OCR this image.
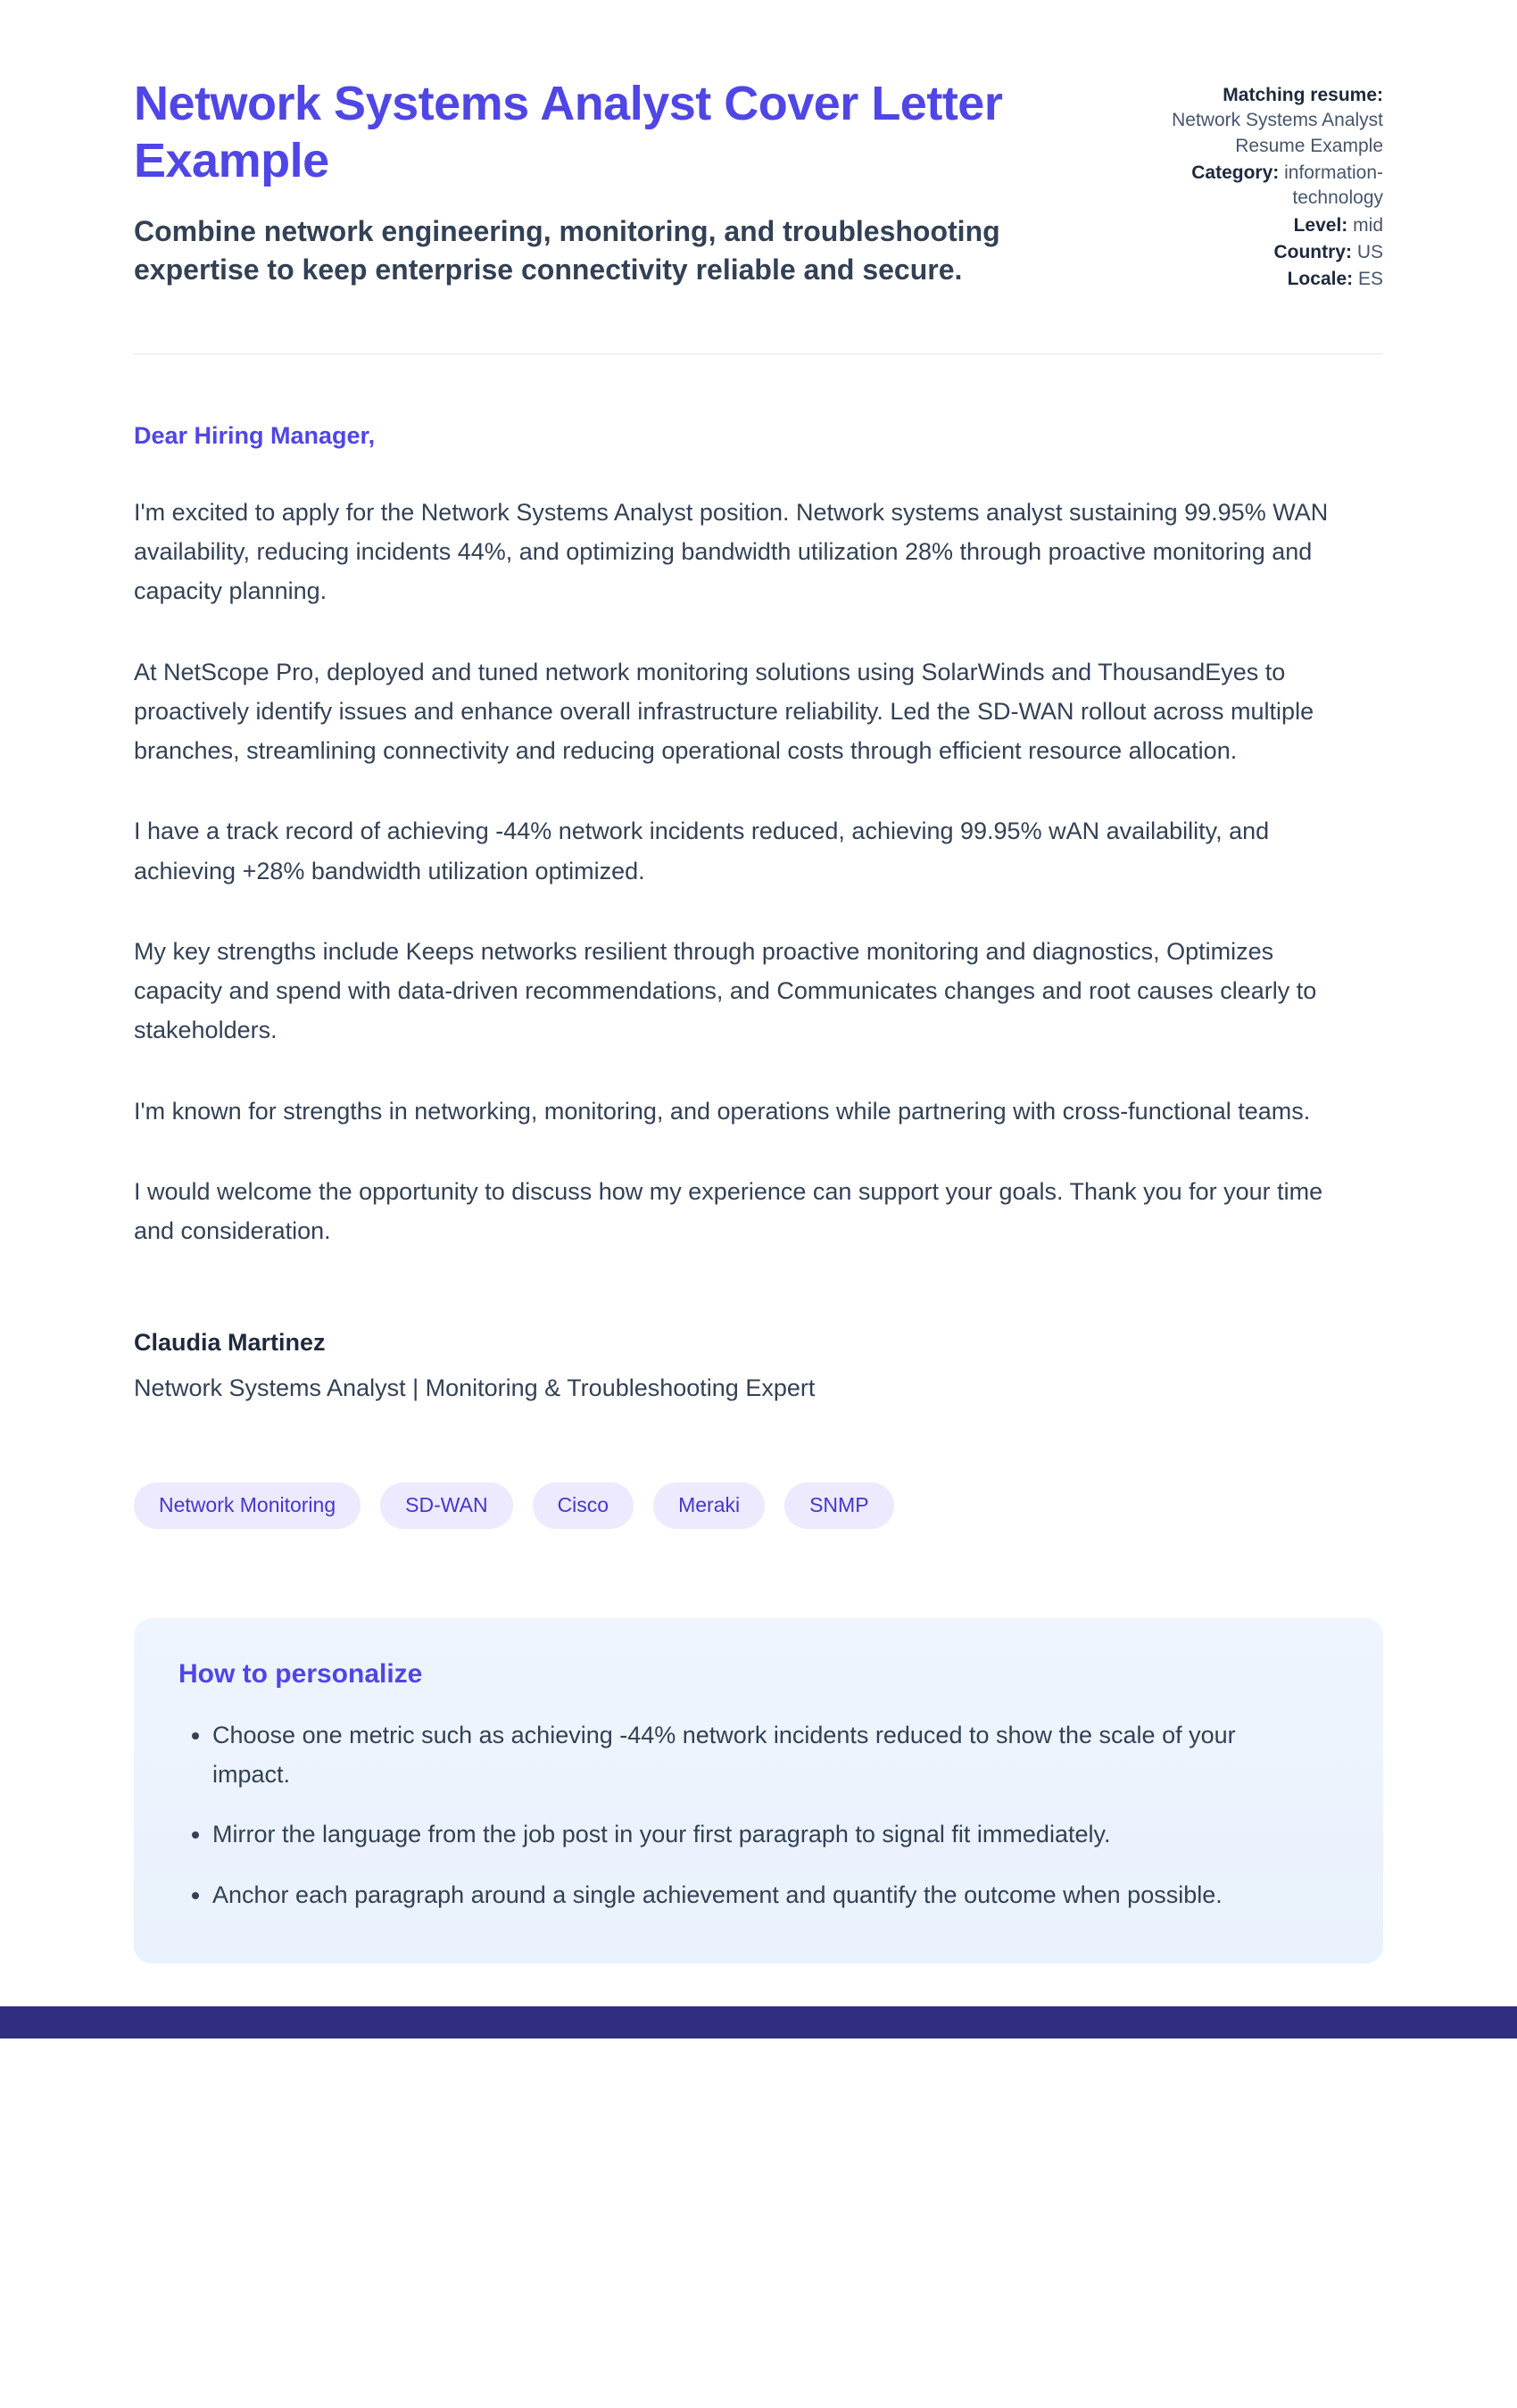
Network Systems Analyst Cover Letter Example

Combine network engineering, monitoring, and troubleshooting expertise to keep enterprise connectivity reliable and secure.

Matching resume:
Network Systems Analyst Resume Example
Category: information-technology
Level: mid
Country: US
Locale: ES
Dear Hiring Manager,

I'm excited to apply for the Network Systems Analyst position. Network systems analyst sustaining 99.95% WAN availability, reducing incidents 44%, and optimizing bandwidth utilization 28% through proactive monitoring and capacity planning.

At NetScope Pro, deployed and tuned network monitoring solutions using SolarWinds and ThousandEyes to proactively identify issues and enhance overall infrastructure reliability. Led the SD-WAN rollout across multiple branches, streamlining connectivity and reducing operational costs through efficient resource allocation.

I have a track record of achieving -44% network incidents reduced, achieving 99.95% wAN availability, and achieving +28% bandwidth utilization optimized.

My key strengths include Keeps networks resilient through proactive monitoring and diagnostics, Optimizes capacity and spend with data-driven recommendations, and Communicates changes and root causes clearly to stakeholders.

I'm known for strengths in networking, monitoring, and operations while partnering with cross-functional teams.

I would welcome the opportunity to discuss how my experience can support your goals. Thank you for your time and consideration.

Claudia Martinez
Network Systems Analyst | Monitoring & Troubleshooting Expert
Network Monitoring	SD-WAN	Cisco	Meraki	SNMP
How to personalize
• Choose one metric such as achieving -44% network incidents reduced to show the scale of your impact.
• Mirror the language from the job post in your first paragraph to signal fit immediately.
• Anchor each paragraph around a single achievement and quantify the outcome when possible.
